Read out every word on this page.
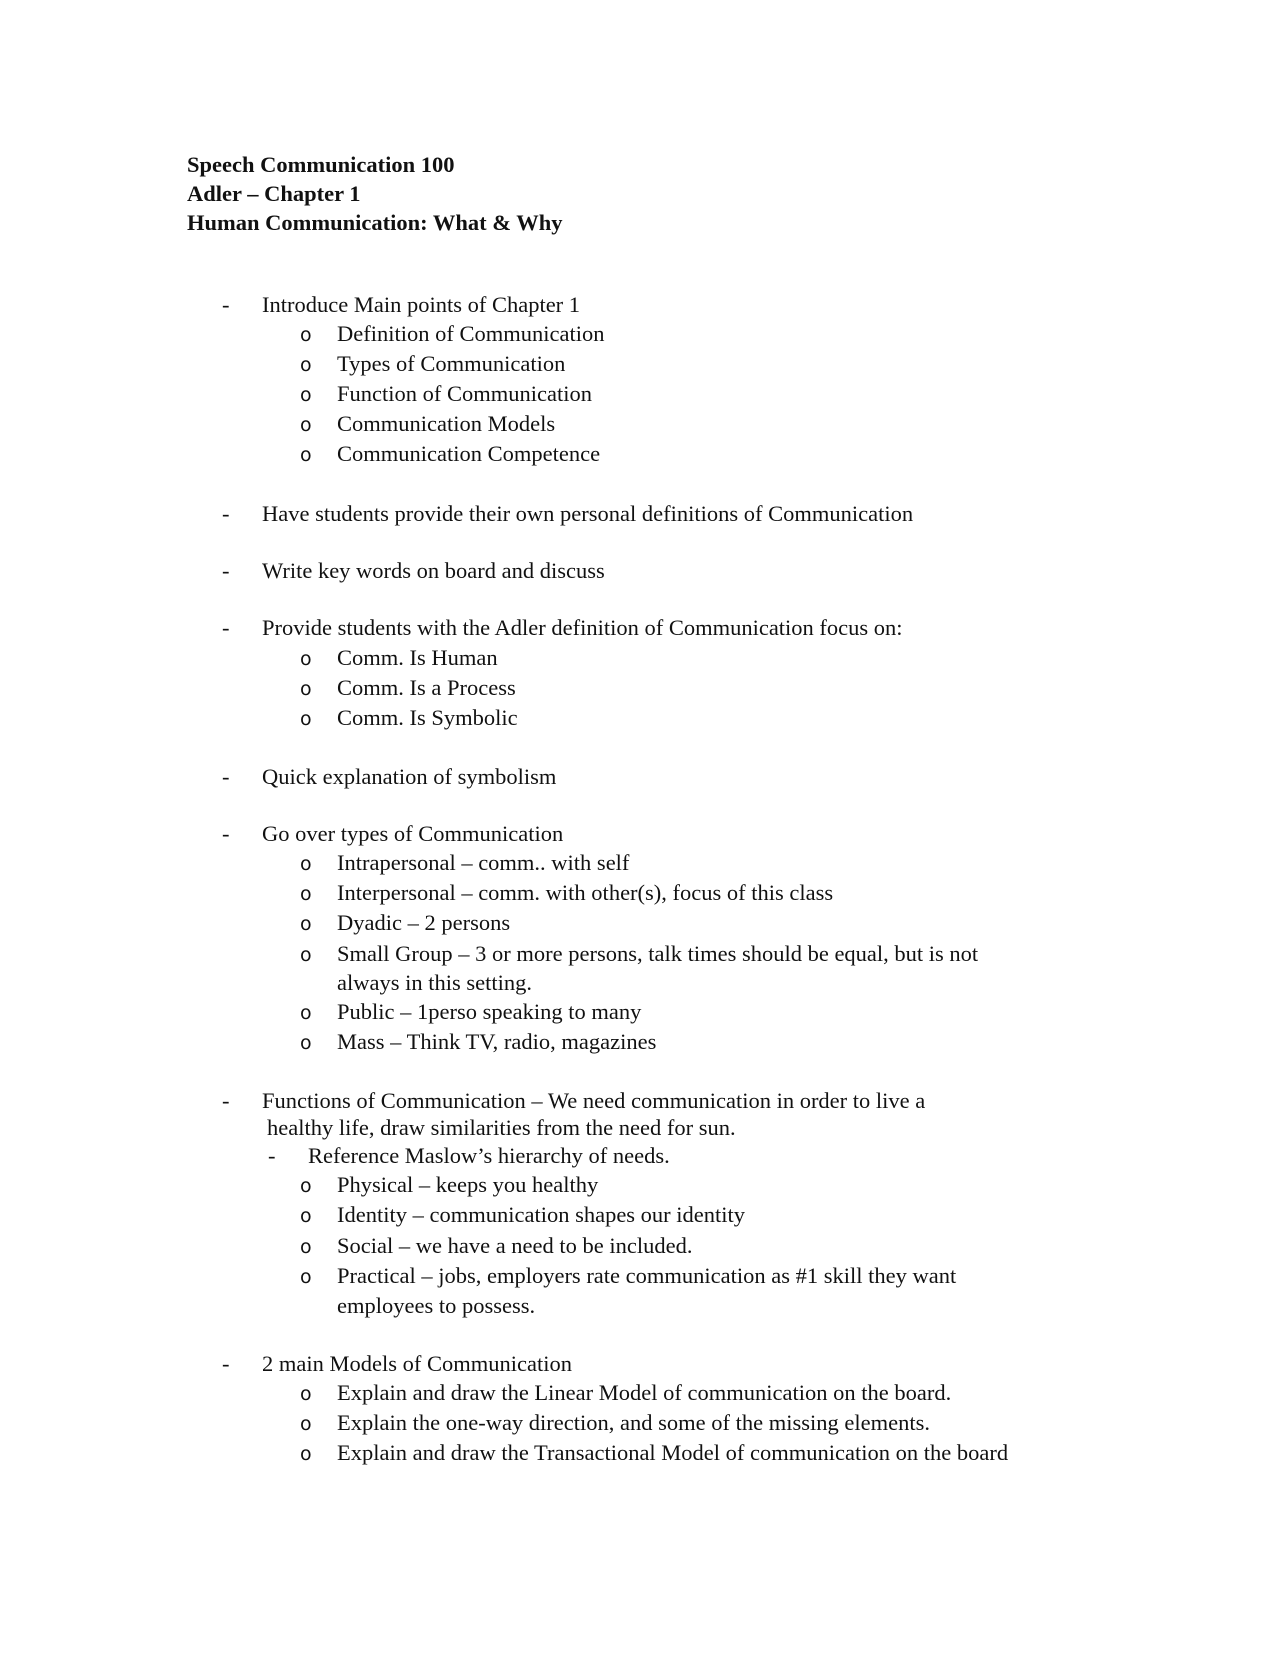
Speech Communication 100
Adler – Chapter 1
Human Communication: What & Why
- Introduce Main points of Chapter 1
o Definition of Communication
o Types of Communication
o Function of Communication
o Communication Models
o Communication Competence
- Have students provide their own personal definitions of Communication
- Write key words on board and discuss
- Provide students with the Adler definition of Communication focus on:
o Comm. Is Human
o Comm. Is a Process
o Comm. Is Symbolic
- Quick explanation of symbolism
- Go over types of Communication
o Intrapersonal – comm.. with self
o Interpersonal – comm. with other(s), focus of this class
o Dyadic – 2 persons
o Small Group – 3 or more persons, talk times should be equal, but is not
always in this setting.
o Public – 1perso speaking to many
o Mass – Think TV, radio, magazines
- Functions of Communication – We need communication in order to live a
healthy life, draw similarities from the need for sun.
- Reference Maslow’s hierarchy of needs.
o Physical – keeps you healthy
o Identity – communication shapes our identity
o Social – we have a need to be included.
o Practical – jobs, employers rate communication as #1 skill they want
employees to possess.
- 2 main Models of Communication
o Explain and draw the Linear Model of communication on the board.
o Explain the one-way direction, and some of the missing elements.
o Explain and draw the Transactional Model of communication on the board
